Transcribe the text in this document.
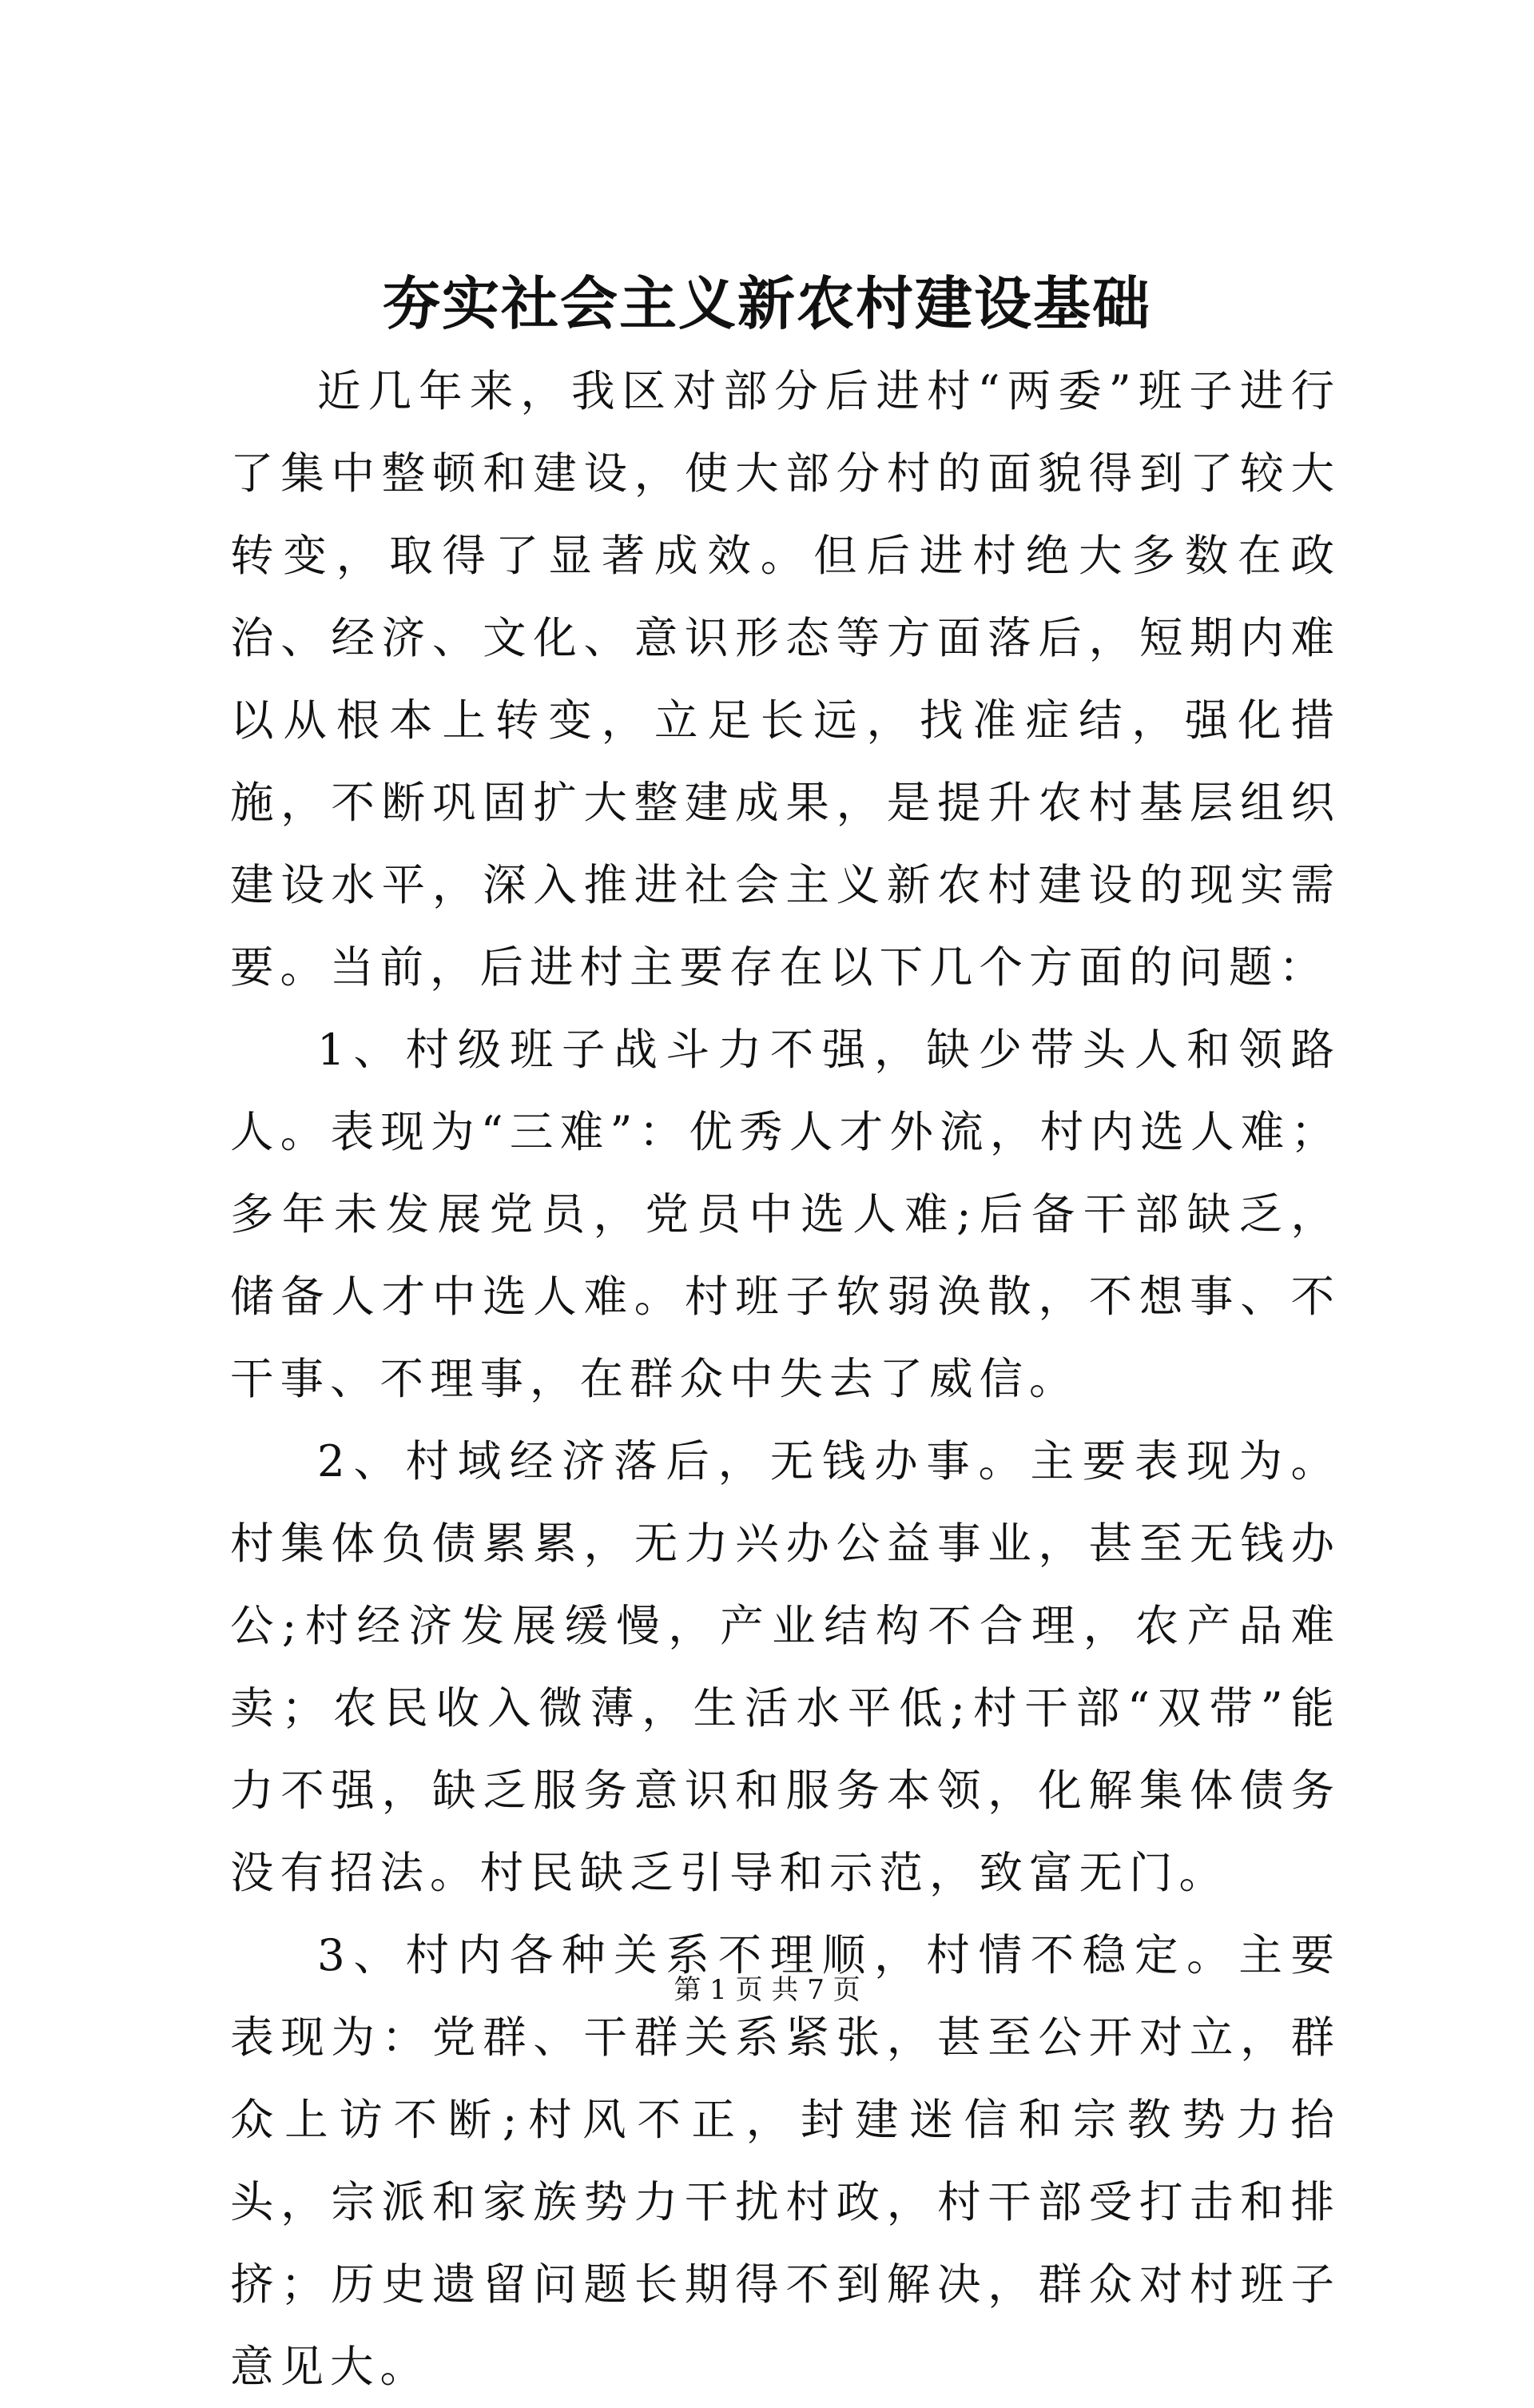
夯实社会主义新农村建设基础

近几年来，我区对部分后进村“两委”班子进行了集中整顿和建设，使大部分村的面貌得到了较大转变，取得了显著成效。但后进村绝大多数在政治、经济、文化、意识形态等方面落后，短期内难以从根本上转变，立足长远，找准症结，强化措施，不断巩固扩大整建成果，是提升农村基层组织建设水平，深入推进社会主义新农村建设的现实需要。当前，后进村主要存在以下几个方面的问题：

1、村级班子战斗力不强，缺少带头人和领路人。表现为“三难”：优秀人才外流，村内选人难；多年未发展党员，党员中选人难;后备干部缺乏，储备人才中选人难。村班子软弱涣散，不想事、不干事、不理事，在群众中失去了威信。

2、村域经济落后，无钱办事。主要表现为。村集体负债累累，无力兴办公益事业，甚至无钱办公;村经济发展缓慢，产业结构不合理，农产品难卖；农民收入微薄，生活水平低;村干部“双带”能力不强，缺乏服务意识和服务本领，化解集体债务没有招法。村民缺乏引导和示范，致富无门。

3、村内各种关系不理顺，村情不稳定。主要表现为：党群、干群关系紧张，甚至公开对立，群众上访不断;村风不正，封建迷信和宗教势力抬头，宗派和家族势力干扰村政，村干部受打击和排挤；历史遗留问题长期得不到解决，群众对村班子意见大。

第 1 页 共 7 页
